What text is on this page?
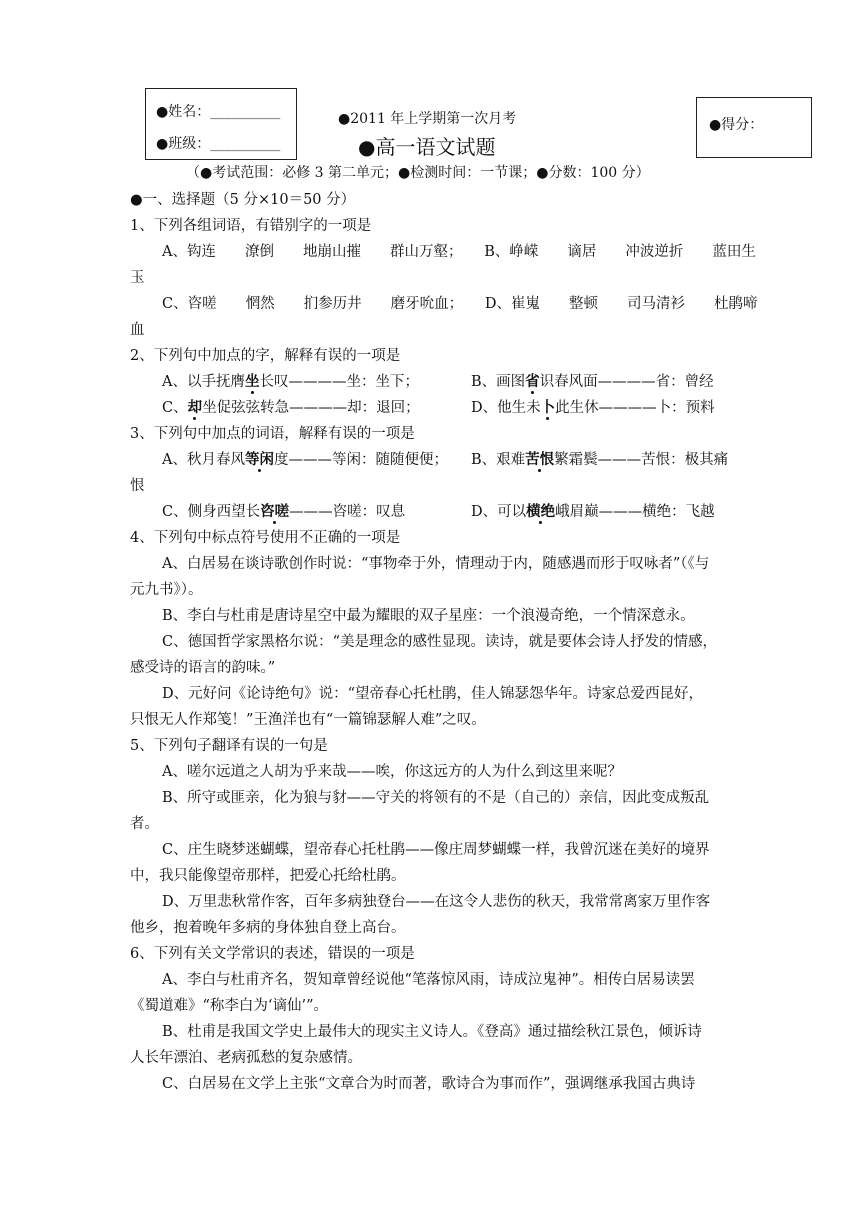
●姓名：__________
●班级：__________
●2011 年上学期第一次月考
●高一语文试题
●得分：
（●考试范围：必修 3 第二单元；●检测时间：一节课；●分数：100 分）
●一、选择题（5 分×10＝50 分）
1、下列各组词语，有错别字的一项是
A、钩连　　潦倒　　地崩山摧　　群山万壑；　　B、峥嵘　　谪居　　冲波逆折　　蓝田生
玉
C、咨嗟　　惘然　　扪参历井　　磨牙吮血；　　D、崔嵬　　整顿　　司马清衫　　杜鹃啼
血
2、下列句中加点的字，解释有误的一项是
A、以手抚膺坐长叹————坐：坐下；	B、画图省识春风面————省：曾经
C、却坐促弦弦转急————却：退回；	D、他生未卜此生休————卜：预料
3、下列句中加点的词语，解释有误的一项是
A、秋月春风等闲度———等闲：随随便便； B、艰难苦恨繁霜鬓———苦恨：极其痛
恨
C、侧身西望长咨嗟———咨嗟：叹息	D、可以横绝峨眉巅———横绝：飞越
4、下列句中标点符号使用不正确的一项是
A、白居易在谈诗歌创作时说：“事物牵于外，情理动于内，随感遇而形于叹咏者”（《与
元九书》）。
B、李白与杜甫是唐诗星空中最为耀眼的双子星座：一个浪漫奇绝，一个情深意永。
C、德国哲学家黑格尔说：“美是理念的感性显现。读诗，就是要体会诗人抒发的情感，
感受诗的语言的韵味。”
D、元好问《论诗绝句》说：“望帝春心托杜鹃，佳人锦瑟怨华年。诗家总爱西昆好，
只恨无人作郑笺！”王渔洋也有“一篇锦瑟解人难”之叹。
5、下列句子翻译有误的一句是
A、嗟尔远道之人胡为乎来哉——唉，你这远方的人为什么到这里来呢？
B、所守或匪亲，化为狼与豺——守关的将领有的不是（自己的）亲信，因此变成叛乱
者。
C、庄生晓梦迷蝴蝶，望帝春心托杜鹃——像庄周梦蝴蝶一样，我曾沉迷在美好的境界
中，我只能像望帝那样，把爱心托给杜鹃。
D、万里悲秋常作客，百年多病独登台——在这令人悲伤的秋天，我常常离家万里作客
他乡，抱着晚年多病的身体独自登上高台。
6、下列有关文学常识的表述，错误的一项是
A、李白与杜甫齐名，贺知章曾经说他“笔落惊风雨，诗成泣鬼神”。相传白居易读罢
《蜀道难》“称李白为‘谪仙’”。
B、杜甫是我国文学史上最伟大的现实主义诗人。《登高》通过描绘秋江景色，倾诉诗
人长年漂泊、老病孤愁的复杂感情。
C、白居易在文学上主张“文章合为时而著，歌诗合为事而作”，强调继承我国古典诗
